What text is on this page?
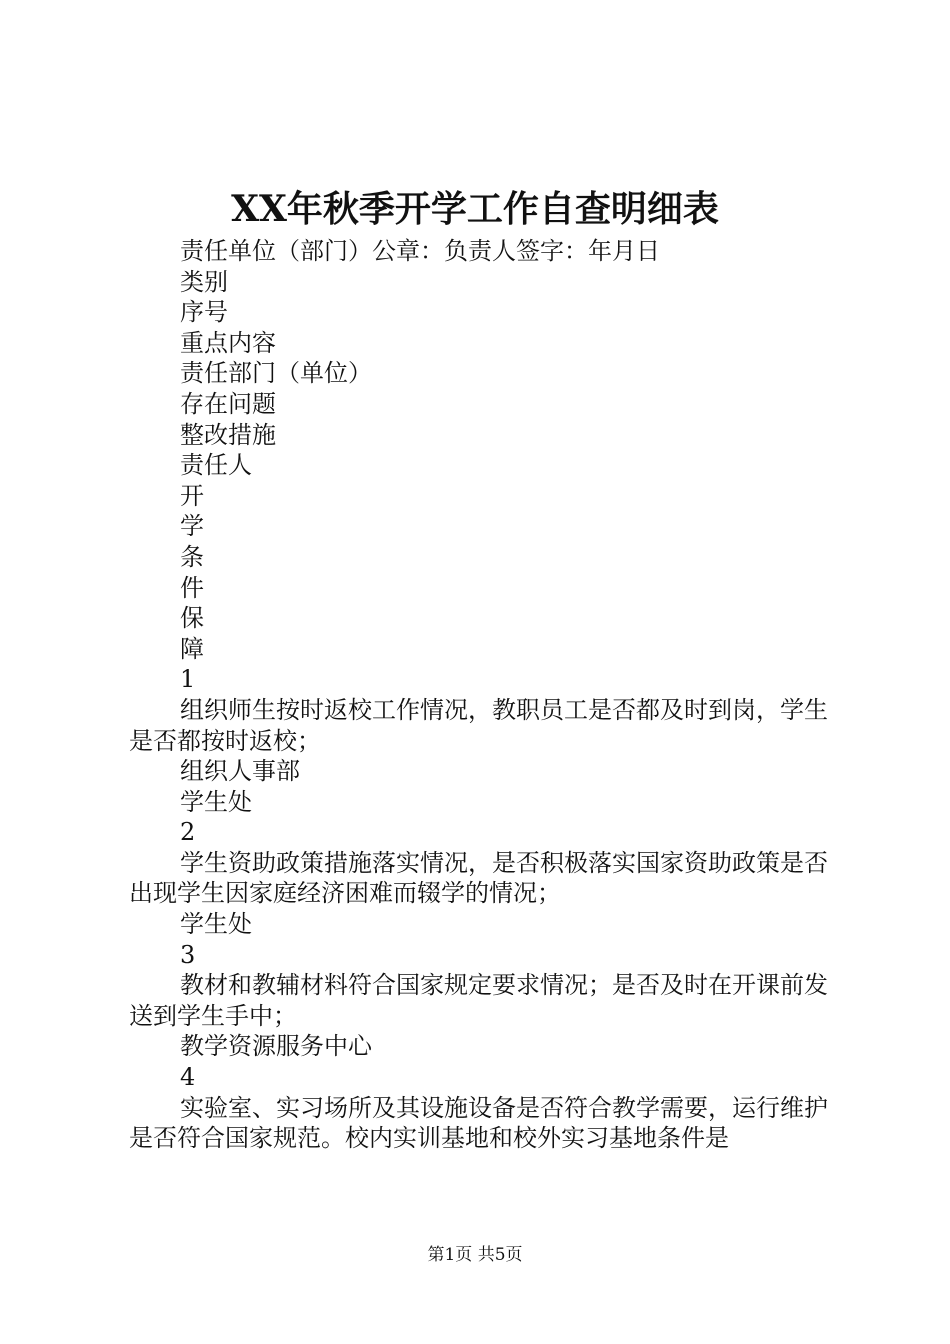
XX年秋季开学工作自查明细表

责任单位（部门）公章：负责人签字：年月日

类别

序号

重点内容

责任部门（单位）

存在问题

整改措施

责任人

开

学

条

件

保

障

1

组织师生按时返校工作情况，教职员工是否都及时到岗，学生是否都按时返校；

组织人事部

学生处

2

学生资助政策措施落实情况，是否积极落实国家资助政策是否出现学生因家庭经济困难而辍学的情况；

学生处

3

教材和教辅材料符合国家规定要求情况；是否及时在开课前发送到学生手中；

教学资源服务中心

4

实验室、实习场所及其设施设备是否符合教学需要，运行维护是否符合国家规范。校内实训基地和校外实习基地条件是

第1页 共5页
